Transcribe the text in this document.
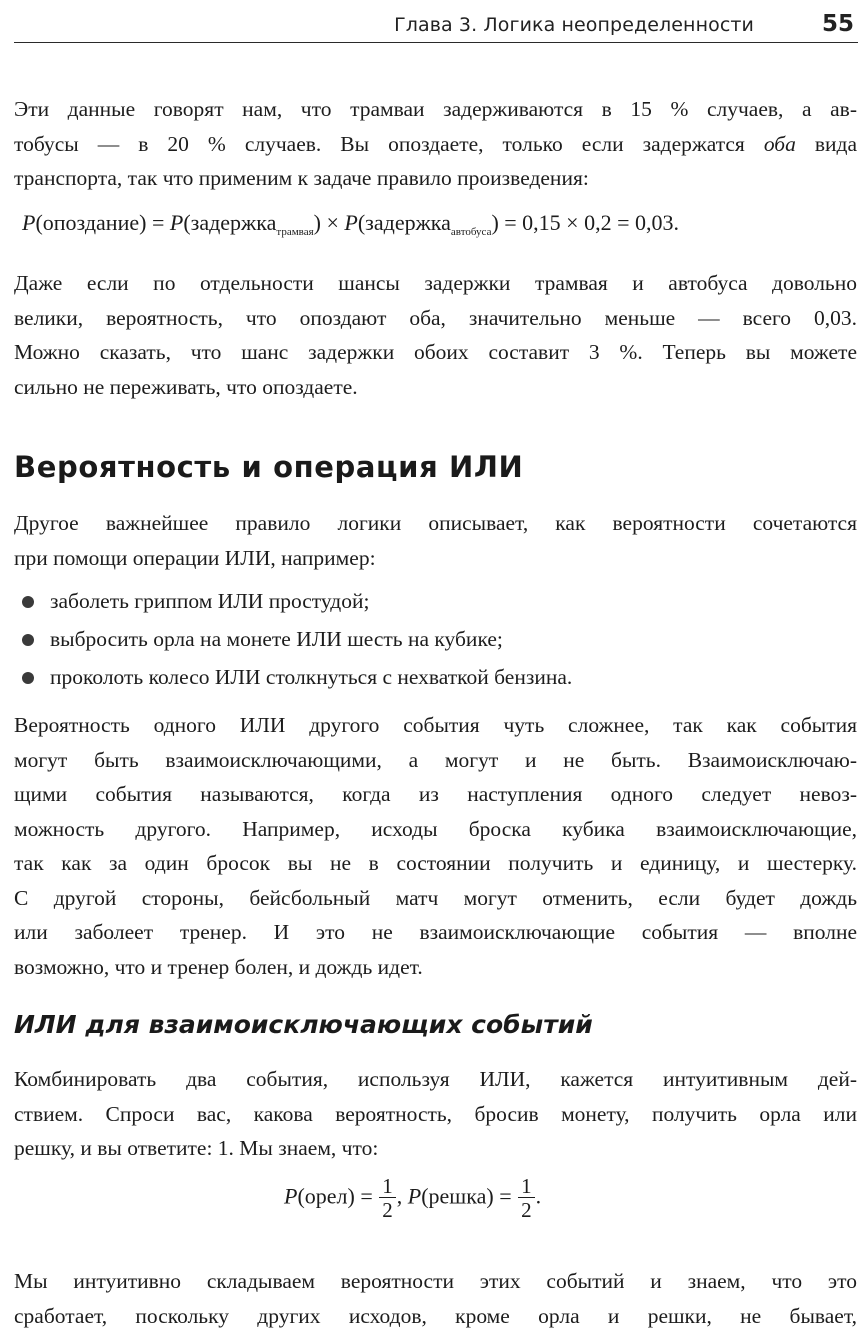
Глава 3. Логика неопределенности	55
Эти данные говорят нам, что трамваи задерживаются в 15 % случаев, а ав-
тобусы — в 20 % случаев. Вы опоздаете, только если задержатся оба вида
транспорта, так что применим к задаче правило произведения:
P(опоздание) = P(задержка$_{трамвая}$) × P(задержка$_{автобуса}$) = 0,15 × 0,2 = 0,03.
Даже если по отдельности шансы задержки трамвая и автобуса довольно
велики, вероятность, что опоздают оба, значительно меньше — всего 0,03.
Можно сказать, что шанс задержки обоих составит 3 %. Теперь вы можете
сильно не переживать, что опоздаете.
Вероятность и операция ИЛИ
Другое важнейшее правило логики описывает, как вероятности сочетаются
при помощи операции ИЛИ, например:
заболеть гриппом ИЛИ простудой;
выбросить орла на монете ИЛИ шесть на кубике;
проколоть колесо ИЛИ столкнуться с нехваткой бензина.
Вероятность одного ИЛИ другого события чуть сложнее, так как события
могут быть взаимоисключающими, а могут и не быть. Взаимоисключаю-
щими события называются, когда из наступления одного следует невоз-
можность другого. Например, исходы броска кубика взаимоисключающие,
так как за один бросок вы не в состоянии получить и единицу, и шестерку.
С другой стороны, бейсбольный матч могут отменить, если будет дождь
или заболеет тренер. И это не взаимоисключающие события — вполне
возможно, что и тренер болен, и дождь идет.
ИЛИ для взаимоисключающих событий
Комбинировать два события, используя ИЛИ, кажется интуитивным дей-
ствием. Спроси вас, какова вероятность, бросив монету, получить орла или
решку, и вы ответите: 1. Мы знаем, что:
P(орел) = $\frac{1}{2}$ , P(решка) = $\frac{1}{2}$ .
Мы интуитивно складываем вероятности этих событий и знаем, что это
сработает, поскольку других исходов, кроме орла и решки, не бывает,
